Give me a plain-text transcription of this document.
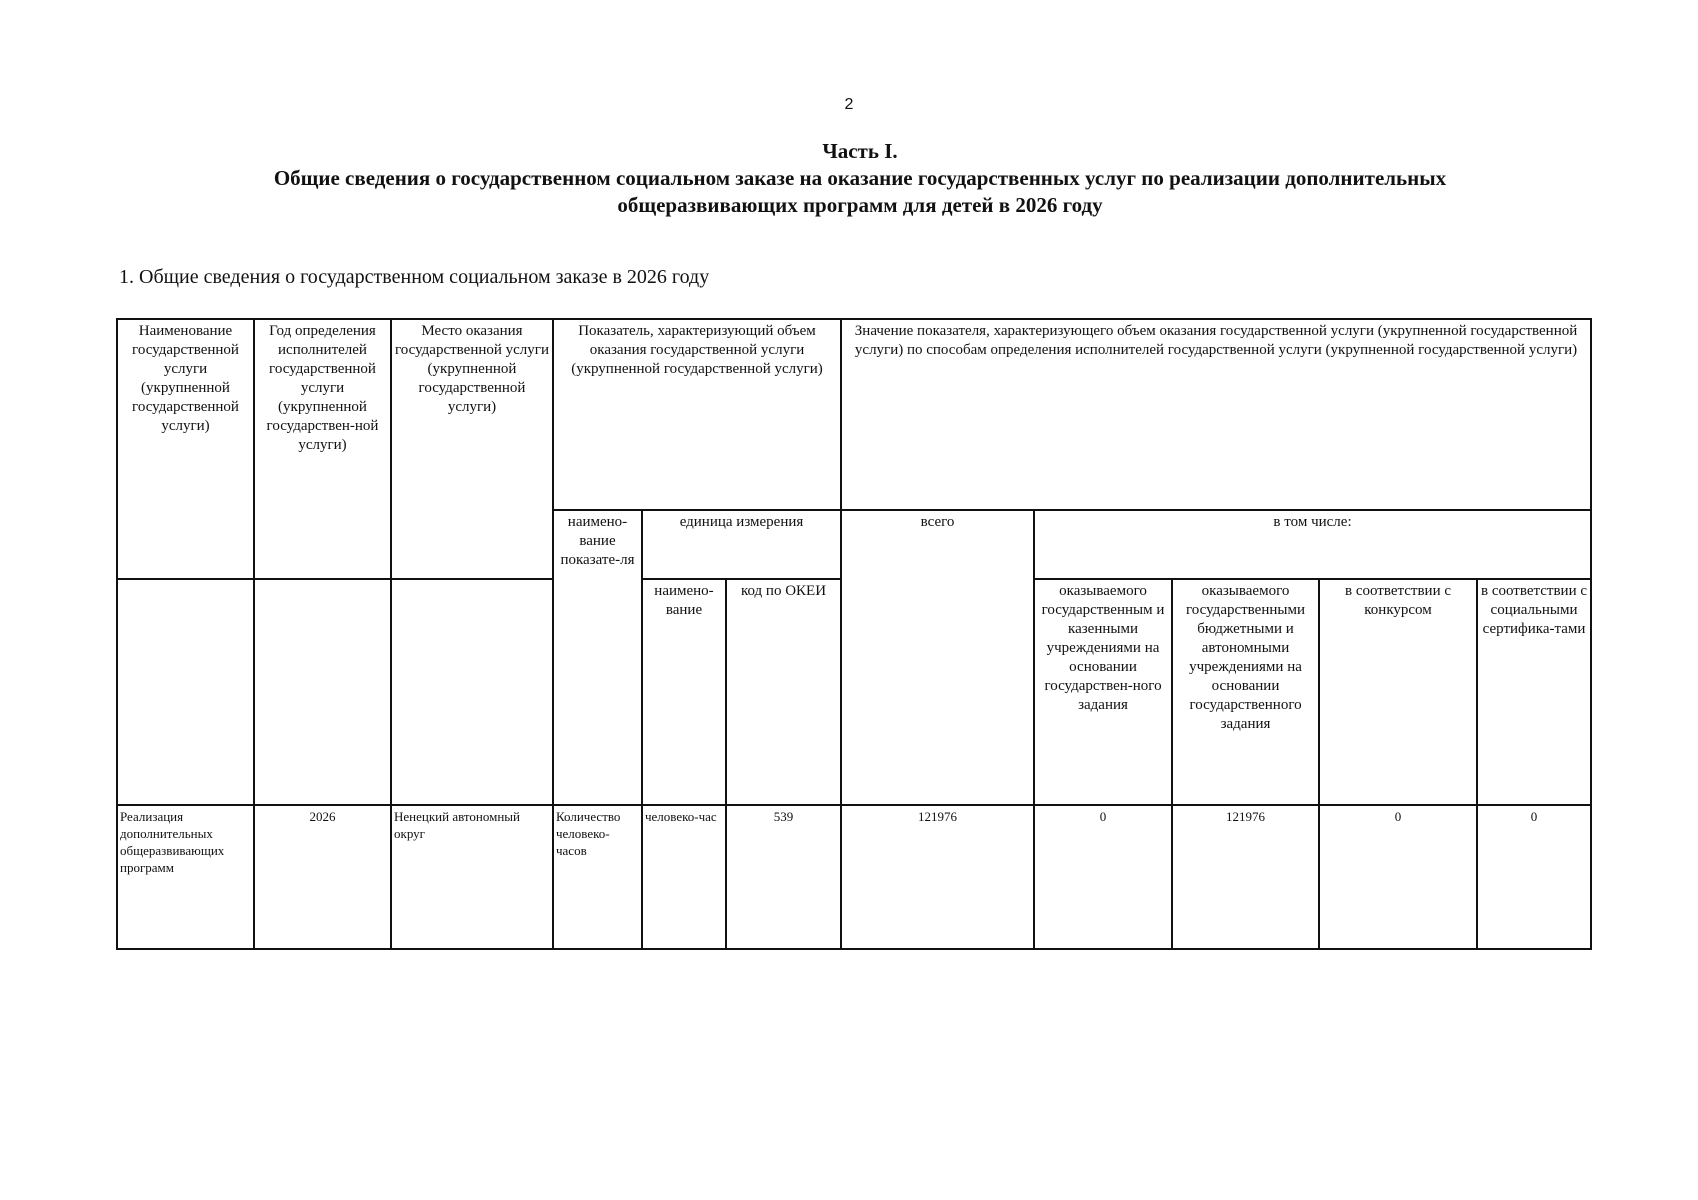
2
Часть I.
Общие сведения о государственном социальном заказе на оказание государственных услуг по реализации дополнительных
общеразвивающих программ для детей в 2026 году
1. Общие сведения о государственном социальном заказе в 2026 году
Наименование государственной услуги (укрупненной государственной услуги)	Год определения исполнителей государственной услуги (укрупненной государствен-ной услуги)	Место оказания государственной услуги (укрупненной государственной услуги)	Показатель, характеризующий объем оказания государственной услуги (укрупненной государственной услуги)			Значение показателя, характеризующего объем оказания государственной услуги (укрупненной государственной услуги) по способам определения исполнителей государственной услуги (укрупненной государственной услуги)				
			наимено-вание показате-ля	единица измерения		всего	в том числе:			
				наимено-вание	код по ОКЕИ		оказываемого государственным и казенными учреждениями на основании государствен-ного задания	оказываемого государственными бюджетными и автономными учреждениями на основании государственного задания	в соответствии с конкурсом	в соответствии с социальными сертифика-тами
Реализация дополнительных общеразвивающих программ	2026	Ненецкий автономный округ	Количество человеко-часов	человеко-час	539	121976	0	121976	0	0
